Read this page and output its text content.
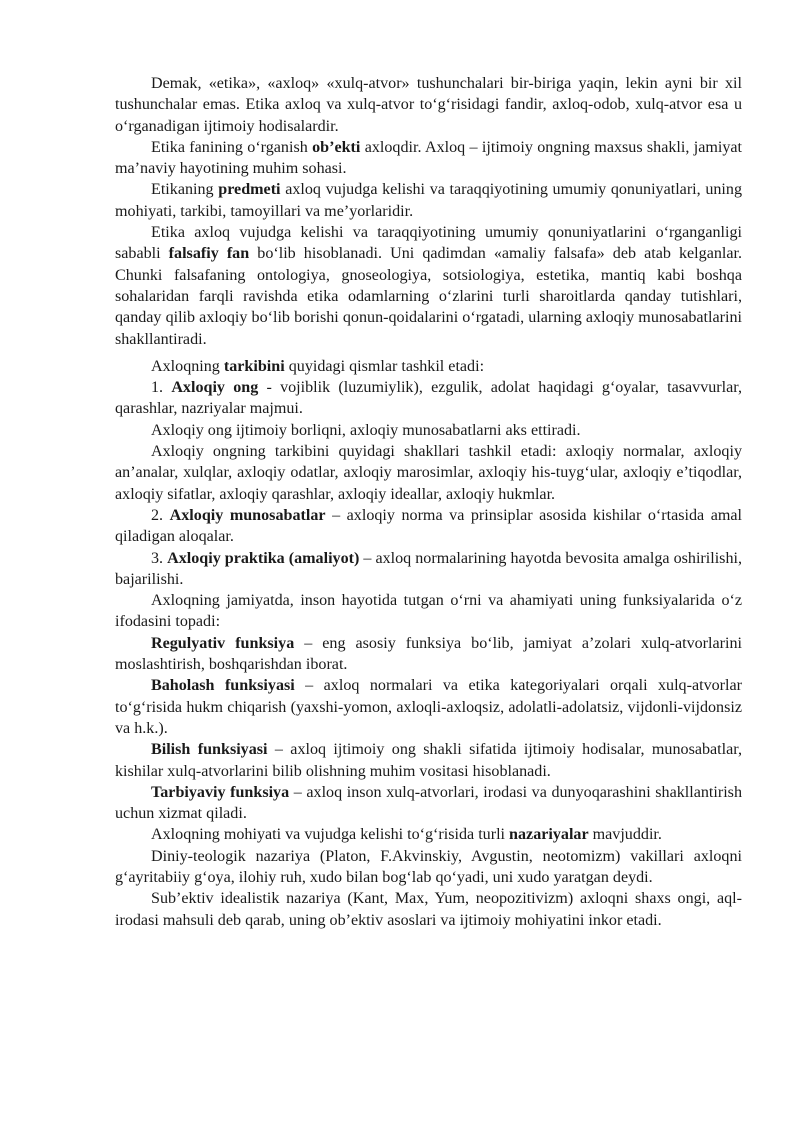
Demak, «etika», «axloq» «xulq-atvor» tushunchalari bir-biriga yaqin, lekin ayni bir xil tushunchalar emas. Etika axloq va xulq-atvor to‘g‘risidagi fandir, axloq-odob, xulq-atvor esa u o‘rganadigan ijtimoiy hodisalardir.

Etika fanining o‘rganish ob’ekti axloqdir. Axloq – ijtimoiy ongning maxsus shakli, jamiyat ma’naviy hayotining muhim sohasi.

Etikaning predmeti axloq vujudga kelishi va taraqqiyotining umumiy qonuniyatlari, uning mohiyati, tarkibi, tamoyillari va me’yorlaridir.

Etika axloq vujudga kelishi va taraqqiyotining umumiy qonuniyatlarini o‘rganganligi sababli falsafiy fan bo‘lib hisoblanadi. Uni qadimdan «amaliy falsafa» deb atab kelganlar. Chunki falsafaning ontologiya, gnoseologiya, sotsiologiya, estetika, mantiq kabi boshqa sohalaridan farqli ravishda etika odamlarning o‘zlarini turli sharoitlarda qanday tutishlari, qanday qilib axloqiy bo‘lib borishi qonun-qoidalarini o‘rgatadi, ularning axloqiy munosabatlarini shakllantiradi.

Axloqning tarkibini quyidagi qismlar tashkil etadi:

1. Axloqiy ong - vojiblik (luzumiylik), ezgulik, adolat haqidagi g‘oyalar, tasavvurlar, qarashlar, nazriyalar majmui.

Axloqiy ong ijtimoiy borliqni, axloqiy munosabatlarni aks ettiradi.

Axloqiy ongning tarkibini quyidagi shakllari tashkil etadi: axloqiy normalar, axloqiy an’analar, xulqlar, axloqiy odatlar, axloqiy marosimlar, axloqiy his-tuyg‘ular, axloqiy e’tiqodlar, axloqiy sifatlar, axloqiy qarashlar, axloqiy ideallar, axloqiy hukmlar.

2. Axloqiy munosabatlar – axloqiy norma va prinsiplar asosida kishilar o‘rtasida amal qiladigan aloqalar.

3. Axloqiy praktika (amaliyot) – axloq normalarining hayotda bevosita amalga oshirilishi, bajarilishi.

Axloqning jamiyatda, inson hayotida tutgan o‘rni va ahamiyati uning funksiyalarida o‘z ifodasini topadi:

Regulyativ funksiya – eng asosiy funksiya bo‘lib, jamiyat a’zolari xulq-atvorlarini moslashtirish, boshqarishdan iborat.

Baholash funksiyasi – axloq normalari va etika kategoriyalari orqali xulq-atvorlar to‘g‘risida hukm chiqarish (yaxshi-yomon, axloqli-axloqsiz, adolatli-adolatsiz, vijdonli-vijdonsiz va h.k.).

Bilish funksiyasi – axloq ijtimoiy ong shakli sifatida ijtimoiy hodisalar, munosabatlar, kishilar xulq-atvorlarini bilib olishning muhim vositasi hisoblanadi.

Tarbiyaviy funksiya – axloq inson xulq-atvorlari, irodasi va dunyoqarashini shakllantirish uchun xizmat qiladi.

Axloqning mohiyati va vujudga kelishi to‘g‘risida turli nazariyalar mavjuddir.

Diniy-teologik nazariya (Platon, F.Akvinskiy, Avgustin, neotomizm) vakillari axloqni g‘ayritabiiy g‘oya, ilohiy ruh, xudo bilan bog‘lab qo‘yadi, uni xudo yaratgan deydi.

Sub’ektiv idealistik nazariya (Kant, Max, Yum, neopozitivizm) axloqni shaxs ongi, aql-irodasi mahsuli deb qarab, uning ob’ektiv asoslari va ijtimoiy mohiyatini inkor etadi.
